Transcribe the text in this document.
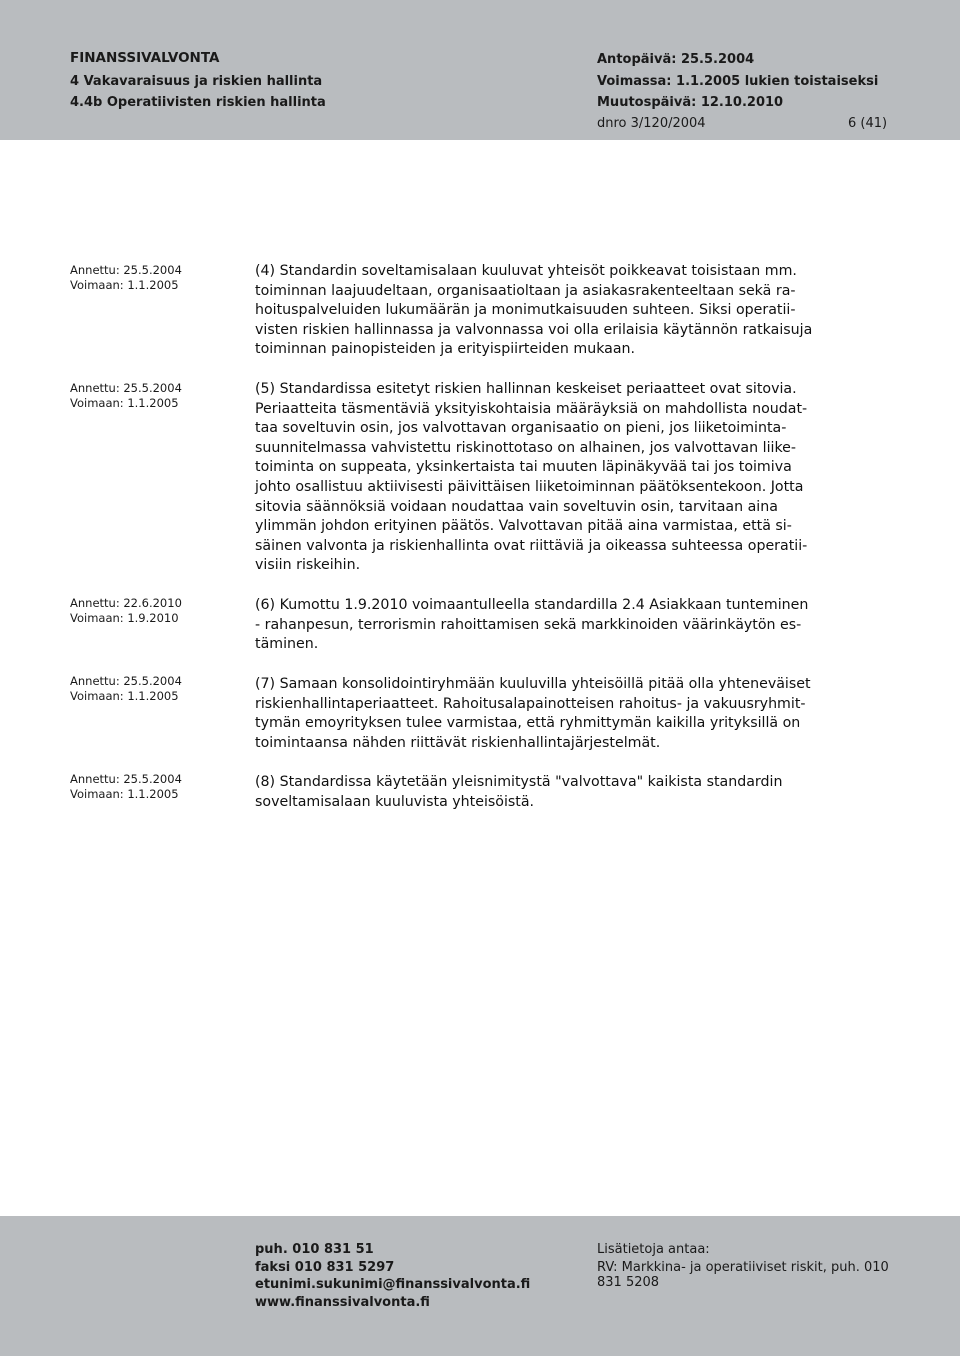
FINANSSIVALVONTA
4 Vakavaraisuus ja riskien hallinta
4.4b Operatiivisten riskien hallinta
Antopäivä: 25.5.2004
Voimassa: 1.1.2005 lukien toistaiseksi
Muutospäivä: 12.10.2010
dnro 3/120/2004	6 (41)
Annettu: 25.5.2004
Voimaan: 1.1.2005
Annettu: 25.5.2004
Voimaan: 1.1.2005
Annettu: 22.6.2010
Voimaan: 1.9.2010
Annettu: 25.5.2004
Voimaan: 1.1.2005
Annettu: 25.5.2004
Voimaan: 1.1.2005
(4) Standardin soveltamisalaan kuuluvat yhteisöt poikkeavat toisistaan mm.
toiminnan laajuudeltaan, organisaatioltaan ja asiakasrakenteeltaan sekä ra-
hoituspalveluiden lukumäärän ja monimutkaisuuden suhteen. Siksi operatii-
visten riskien hallinnassa ja valvonnassa voi olla erilaisia käytännön ratkaisuja
toiminnan painopisteiden ja erityispiirteiden mukaan.
(5) Standardissa esitetyt riskien hallinnan keskeiset periaatteet ovat sitovia.
Periaatteita täsmentäviä yksityiskohtaisia määräyksiä on mahdollista noudat-
taa soveltuvin osin, jos valvottavan organisaatio on pieni, jos liiketoiminta-
suunnitelmassa vahvistettu riskinottotaso on alhainen, jos valvottavan liike-
toiminta on suppeata, yksinkertaista tai muuten läpinäkyvää tai jos toimiva
johto osallistuu aktiivisesti päivittäisen liiketoiminnan päätöksentekoon. Jotta
sitovia säännöksiä voidaan noudattaa vain soveltuvin osin, tarvitaan aina
ylimmän johdon erityinen päätös. Valvottavan pitää aina varmistaa, että si-
säinen valvonta ja riskienhallinta ovat riittäviä ja oikeassa suhteessa operatii-
visiin riskeihin.
(6) Kumottu 1.9.2010 voimaantulleella standardilla 2.4 Asiakkaan tunteminen
- rahanpesun, terrorismin rahoittamisen sekä markkinoiden väärinkäytön es-
täminen.
(7) Samaan konsolidointiryhmään kuuluvilla yhteisöillä pitää olla yhteneväiset
riskienhallintaperiaatteet. Rahoitusalapainotteisen rahoitus- ja vakuusryhmit-
tymän emoyrityksen tulee varmistaa, että ryhmittymän kaikilla yrityksillä on
toimintaansa nähden riittävät riskienhallintajärjestelmät.
(8) Standardissa käytetään yleisnimitystä "valvottava" kaikista standardin
soveltamisalaan kuuluvista yhteisöistä.
puh. 010 831 51
faksi 010 831 5297
etunimi.sukunimi@finanssivalvonta.fi
www.finanssivalvonta.fi
Lisätietoja antaa:
RV: Markkina- ja operatiiviset riskit, puh. 010
831 5208
